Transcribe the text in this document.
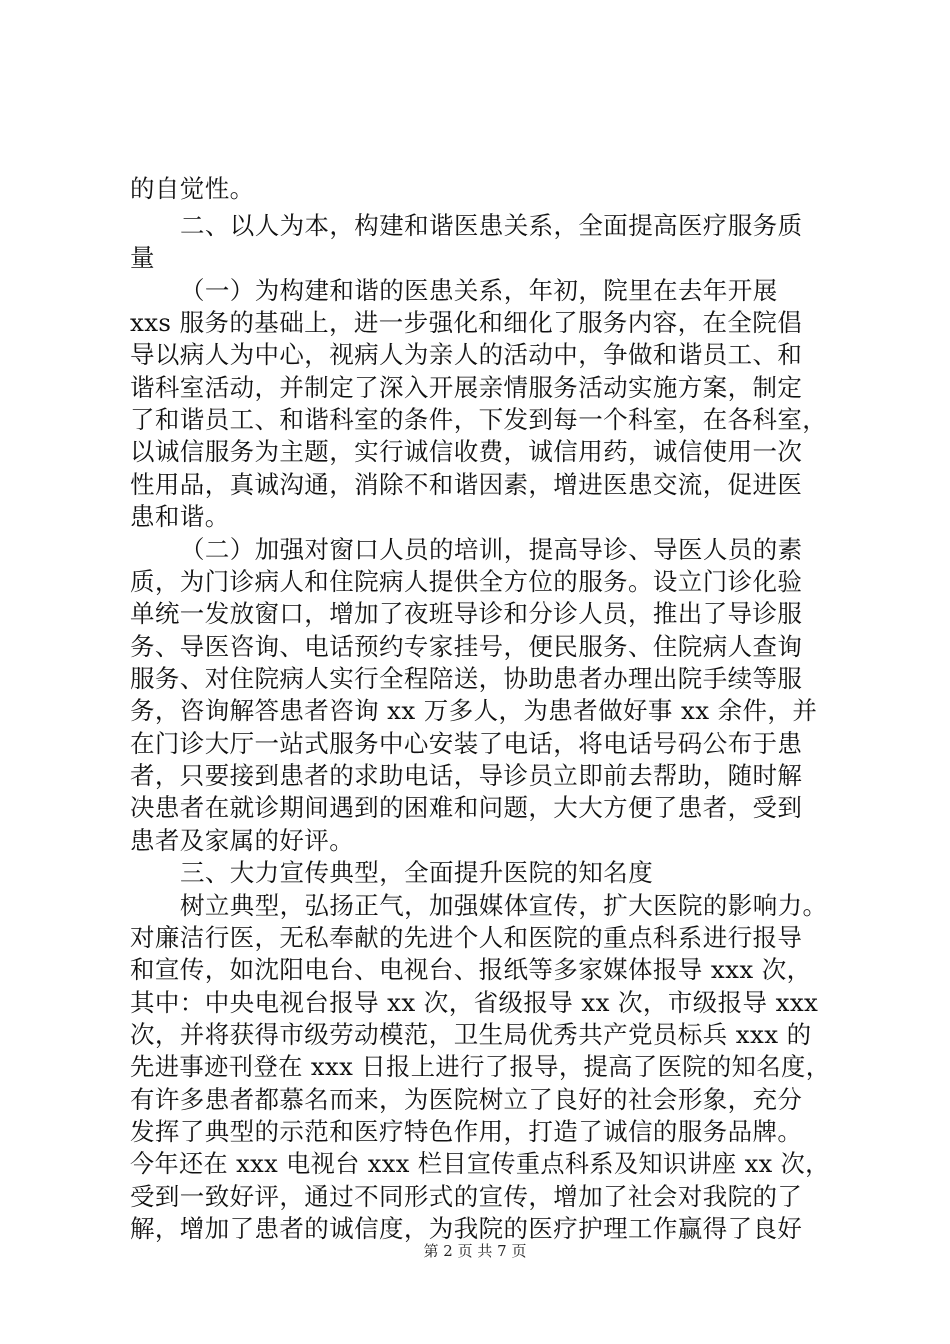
的自觉性。
二、以人为本，构建和谐医患关系，全面提高医疗服务质
量
（一）为构建和谐的医患关系，年初，院里在去年开展
xxs 服务的基础上，进一步强化和细化了服务内容，在全院倡
导以病人为中心，视病人为亲人的活动中，争做和谐员工、和
谐科室活动，并制定了深入开展亲情服务活动实施方案，制定
了和谐员工、和谐科室的条件，下发到每一个科室，在各科室，
以诚信服务为主题，实行诚信收费，诚信用药，诚信使用一次
性用品，真诚沟通，消除不和谐因素，增进医患交流，促进医
患和谐。
（二）加强对窗口人员的培训，提高导诊、导医人员的素
质，为门诊病人和住院病人提供全方位的服务。设立门诊化验
单统一发放窗口，增加了夜班导诊和分诊人员，推出了导诊服
务、导医咨询、电话预约专家挂号，便民服务、住院病人查询
服务、对住院病人实行全程陪送，协助患者办理出院手续等服
务，咨询解答患者咨询 xx 万多人，为患者做好事 xx 余件，并
在门诊大厅一站式服务中心安装了电话，将电话号码公布于患
者，只要接到患者的求助电话，导诊员立即前去帮助，随时解
决患者在就诊期间遇到的困难和问题，大大方便了患者，受到
患者及家属的好评。
三、大力宣传典型，全面提升医院的知名度
树立典型，弘扬正气，加强媒体宣传，扩大医院的影响力。
对廉洁行医，无私奉献的先进个人和医院的重点科系进行报导
和宣传，如沈阳电台、电视台、报纸等多家媒体报导 xxx 次，
其中：中央电视台报导 xx 次，省级报导 xx 次，市级报导 xxx
次，并将获得市级劳动模范，卫生局优秀共产党员标兵 xxx 的
先进事迹刊登在 xxx 日报上进行了报导，提高了医院的知名度，
有许多患者都慕名而来，为医院树立了良好的社会形象，充分
发挥了典型的示范和医疗特色作用，打造了诚信的服务品牌。
今年还在 xxx 电视台 xxx 栏目宣传重点科系及知识讲座 xx 次，
受到一致好评，通过不同形式的宣传，增加了社会对我院的了
解，增加了患者的诚信度，为我院的医疗护理工作赢得了良好
第 2 页 共 7 页
